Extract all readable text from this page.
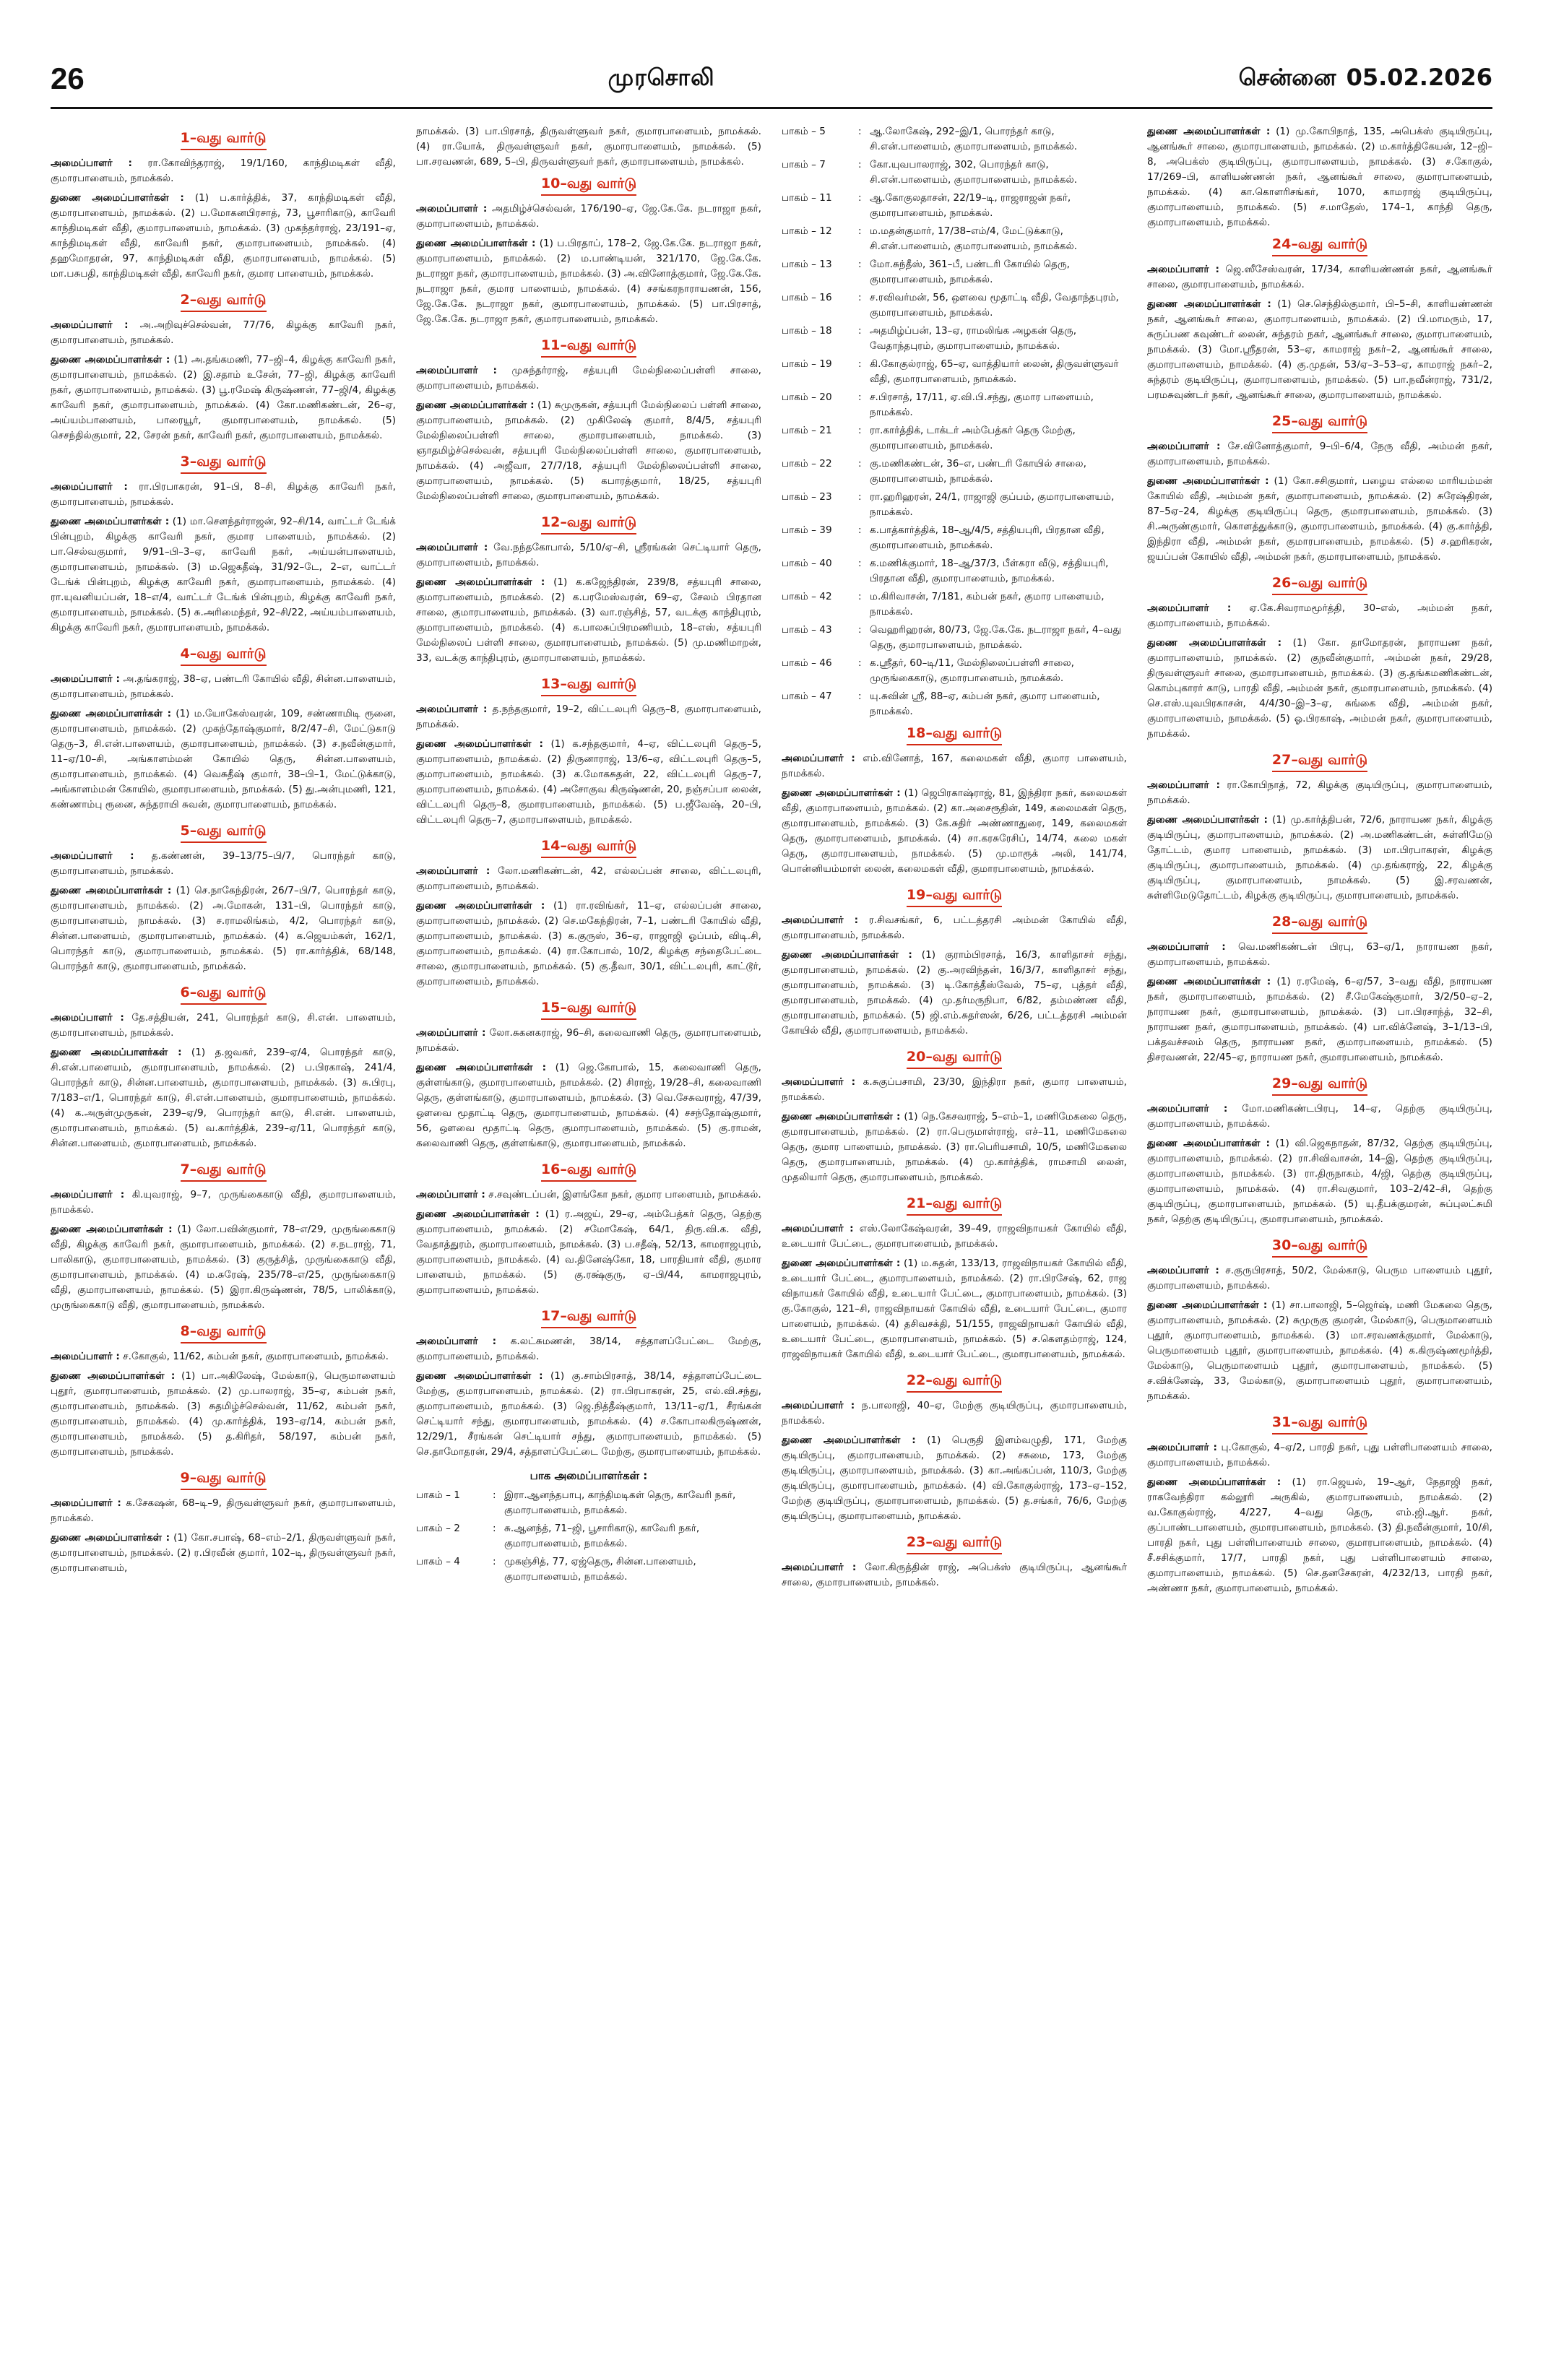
26	முரசொலி	சென்னை 05.02.2026
1–வது வார்டு

அமைப்பாளர் : ரா.கோவிந்தராஜ், 19/1/160, காந்திமடிகள் வீதி, குமாரபாளையம், நாமக்கல்.

துணை அமைப்பாளர்கள் : (1) ப.கார்த்திக், 37, காந்திமடிகள் வீதி, குமாரபாளையம், நாமக்கல். (2) ப.மோகனபிரசாத், 73, பூசாரிகாடு, காவேரி காந்திமடிகள் வீதி, குமாரபாளையம், நாமக்கல். (3) முகந்தர்ராஜ், 23/191–ஏ, காந்திமடிகள் வீதி, காவேரி நகர், குமாரபாளையம், நாமக்கல். (4) தஹமோதரன், 97, காந்திமடிகள் வீதி, குமாரபாளையம், நாமக்கல். (5) மா.பசுபதி, காந்திமடிகள் வீதி, காவேரி நகர், குமார பாளையம், நாமக்கல்.

2–வது வார்டு

அமைப்பாளர் : அ.அறிவுச்செல்வன், 77/76, கிழக்கு காவேரி நகர், குமாரபாளையம், நாமக்கல்.

துணை அமைப்பாளர்கள் : (1) அ.தங்கமணி, 77–ஜி–4, கிழக்கு காவேரி நகர், குமாரபாளையம், நாமக்கல். (2) இ.சதாம் உசேன், 77–ஜி, கிழக்கு காவேரி நகர், குமாரபாளையம், நாமக்கல். (3) பூ.ரமேஷ் கிருஷ்ணன், 77–ஜி/4, கிழக்கு காவேரி நகர், குமாரபாளையம், நாமக்கல். (4) கோ.மணிகண்டன், 26–ஏ, அய்யம்பாளையம், பாரையூர், குமாரபாளையம், நாமக்கல். (5) செசந்தில்குமார், 22, சேரன் நகர், காவேரி நகர், குமாரபாளையம், நாமக்கல்.

3–வது வார்டு

அமைப்பாளர் : ரா.பிரபாகரன், 91–பி, 8–சி, கிழக்கு காவேரி நகர், குமாரபாளையம், நாமக்கல்.

துணை அமைப்பாளர்கள் : (1) மா.செளந்தர்ராஜன், 92–சி/14, வாட்டர் டேங்க் பின்புறம், கிழக்கு காவேரி நகர், குமார பாளையம், நாமக்கல். (2) பா.செல்வகுமார், 9/91–பி–3–ஏ, காவேரி நகர், அய்யன்பாளையம், குமாரபாளையம், நாமக்கல். (3) ம.ஜெகதீஷ், 31/92–டே, 2–எ, வாட்டர் டேங்க் பின்புறம், கிழக்கு காவேரி நகர், குமாரபாளையம், நாமக்கல். (4) ரா.யுவனியப்பன், 18–எ/4, வாட்டர் டேங்க் பின்புறம், கிழக்கு காவேரி நகர், குமாரபாளையம், நாமக்கல். (5) சு.அரிமைந்தர், 92–சி/22, அய்யம்பாளையம், கிழக்கு காவேரி நகர், குமாரபாளையம், நாமக்கல்.

4–வது வார்டு

அமைப்பாளர் : அ.தங்கராஜ், 38–ஏ, பண்டரி கோயில் வீதி, சின்ன.பாளையம், குமாரபாளையம், நாமக்கல்.

துணை அமைப்பாளர்கள் : (1) ம.யோகேஸ்வரன், 109, சண்ணாமிடி ரூனை, குமாரபாளையம், நாமக்கல். (2) முகந்தோஷ்குமார், 8/2/47–சி, மேட்டுகாடு தெரு–3, சி.என்.பாளையம், குமாரபாளையம், நாமக்கல். (3) ச.நவீன்குமார், 11–ஏ/10–சி, அங்காளம்மன் கோயில் தெரு, சின்ன.பாளையம், குமாரபாளையம், நாமக்கல். (4) வெசுதீஷ் குமார், 38–பி–1, மேட்டுக்காடு, அங்காளம்மன் கோயில், குமாரபாளையம், நாமக்கல். (5) து.அன்புமணி, 121, கண்ணாம்பு ரூனை, சுந்தராயி சுவன், குமாரபாளையம், நாமக்கல்.

5–வது வார்டு

அமைப்பாளர் : த.கண்ணன், 39–13/75–பி/7, பொரந்தர் காடு, குமாரபாளையம், நாமக்கல்.

துணை அமைப்பாளர்கள் : (1) செ.நாகேந்திரன், 26/7–பி/7, பொரந்தர் காடு, குமாரபாளையம், நாமக்கல். (2) அ.மோகன், 131–பி, பொரந்தர் காடு, குமாரபாளையம், நாமக்கல். (3) ச.ராமலிங்கம், 4/2, பொரந்தர் காடு, சின்ன.பாளையம், குமாரபாளையம், நாமக்கல். (4) க.ஜெயம்கள், 162/1, பொரந்தர் காடு, குமாரபாளையம், நாமக்கல். (5) ரா.கார்த்திக், 68/148, பொரந்தர் காடு, குமாரபாளையம், நாமக்கல்.

6–வது வார்டு

அமைப்பாளர் : தே.சத்தியன், 241, பொரந்தர் காடு, சி.என். பாளையம், குமாரபாளையம், நாமக்கல்.

துணை அமைப்பாளர்கள் : (1) த.ஜவகர், 239–ஏ/4, பொரந்தர் காடு, சி.என்.பாளையம், குமாரபாளையம், நாமக்கல். (2) ப.பிரகாஷ், 241/4, பொரந்தர் காடு, சின்ன.பாளையம், குமாரபாளையம், நாமக்கல். (3) சு.பிரபு, 7/183–எ/1, பொரந்தர் காடு, சி.என்.பாளையம், குமாரபாளையம், நாமக்கல். (4) க.அருள்முருகன், 239–ஏ/9, பொரந்தர் காடு, சி.என். பாளையம், குமாரபாளையம், நாமக்கல். (5) வ.கார்த்திக், 239–ஏ/11, பொரந்தர் காடு, சின்ன.பாளையம், குமாரபாளையம், நாமக்கல்.

7–வது வார்டு

அமைப்பாளர் : கி.யுவராஜ், 9–7, முருங்கைகாடு வீதி, குமாரபாளையம், நாமக்கல்.

துணை அமைப்பாளர்கள் : (1) லோ.பவின்குமார், 78–எ/29, முருங்கைகாடு வீதி, கிழக்கு காவேரி நகர், குமாரபாளையம், நாமக்கல். (2) ச.நடராஜ், 71, பாலிகாடு, குமாரபாளையம், நாமக்கல். (3) குருத்சித், முருங்கைகாடு வீதி, குமாரபாளையம், நாமக்கல். (4) ம.சுரேஷ், 235/78–எ/25, முருங்கைகாடு வீதி, குமாரபாளையம், நாமக்கல். (5) இரா.கிருஷ்ணன், 78/5, பாலிக்காடு, முருங்கைகாடு வீதி, குமாரபாளையம், நாமக்கல்.

8–வது வார்டு

அமைப்பாளர் : ச.கோகுல், 11/62, கம்பன் நகர், குமாரபாளையம், நாமக்கல்.

துணை அமைப்பாளர்கள் : (1) பா.அகிலேஷ், மேல்காடு, பெருமாளையம் புதூர், குமாரபாளையம், நாமக்கல். (2) மு.பாலராஜ், 35–ஏ, கம்பன் நகர், குமாரபாளையம், நாமக்கல். (3) சுதமிழ்ச்செல்வன், 11/62, கம்பன் நகர், குமாரபாளையம், நாமக்கல். (4) மு.கார்த்திக், 193–ஏ/14, கம்பன் நகர், குமாரபாளையம், நாமக்கல். (5) த.கிரிதர், 58/197, கம்பன் நகர், குமாரபாளையம், நாமக்கல்.

9–வது வார்டு

அமைப்பாளர் : க.சேகஷன், 68–டி–9, திருவள்ளுவர் நகர், குமாரபாளையம், நாமக்கல்.

துணை அமைப்பாளர்கள் : (1) கோ.சபாஷ், 68–எம்–2/1, திருவள்ளுவர் நகர், குமாரபாளையம், நாமக்கல். (2) ர.பிரவீன் குமார், 102–டி, திருவள்ளுவர் நகர், குமாரபாளையம்,

நாமக்கல். (3) பா.பிரசாத், திருவள்ளுவர் நகர், குமாரபாளையம், நாமக்கல். (4) ரா.யோக், திருவள்ளுவர் நகர், குமாரபாளையம், நாமக்கல். (5) பா.சரவணன், 689, 5–பி, திருவள்ளுவர் நகர், குமாரபாளையம், நாமக்கல்.

10–வது வார்டு

அமைப்பாளர் : அதமிழ்ச்செல்வன், 176/190–ஏ, ஜே.கே.கே. நடராஜா நகர், குமாரபாளையம், நாமக்கல்.

துணை அமைப்பாளர்கள் : (1) ப.பிரதாப், 178–2, ஜே.கே.கே. நடராஜா நகர், குமாரபாளையம், நாமக்கல். (2) ம.பாண்டியன், 321/170, ஜே.கே.கே. நடராஜா நகர், குமாரபாளையம், நாமக்கல். (3) அ.வினோத்குமார், ஜே.கே.கே. நடராஜா நகர், குமார பாளையம், நாமக்கல். (4) சசங்கரநாராயணன், 156, ஜே.கே.கே. நடராஜா நகர், குமாரபாளையம், நாமக்கல். (5) பா.பிரசாத், ஜே.கே.கே. நடராஜா நகர், குமாரபாளையம், நாமக்கல்.

11–வது வார்டு

அமைப்பாளர் : முசுந்தர்ராஜ், சத்யபுரி மேல்நிலைப்பள்ளி சாலை, குமாரபாளையம், நாமக்கல்.

துணை அமைப்பாளர்கள் : (1) சுமுருகன், சத்யபுரி மேல்நிலைப் பள்ளி சாலை, குமாரபாளையம், நாமக்கல். (2) முகிலேஷ் குமார், 8/4/5, சத்யபுரி மேல்நிலைப்பள்ளி சாலை, குமாரபாளையம், நாமக்கல். (3) ஞாதமிழ்ச்செல்வன், சத்யபுரி மேல்நிலைப்பள்ளி சாலை, குமாரபாளையம், நாமக்கல். (4) அஜீவா, 27/7/18, சத்யபுரி மேல்நிலைப்பள்ளி சாலை, குமாரபாளையம், நாமக்கல். (5) கபாரத்குமார், 18/25, சத்யபுரி மேல்நிலைப்பள்ளி சாலை, குமாரபாளையம், நாமக்கல்.

12–வது வார்டு

அமைப்பாளர் : வே.நந்தகோபால், 5/10/ஏ–சி, ஸ்ரீரங்கன் செட்டியார் தெரு, குமாரபாளையம், நாமக்கல்.

துணை அமைப்பாளர்கள் : (1) க.கஜேந்திரன், 239/8, சத்யபுரி சாலை, குமாரபாளையம், நாமக்கல். (2) க.பரமேஸ்வரன், 69–ஏ, சேலம் பிரதான சாலை, குமாரபாளையம், நாமக்கல். (3) வா.ரஞ்சித், 57, வடக்கு காந்திபுரம், குமாரபாளையம், நாமக்கல். (4) க.பாலசுப்பிரமணியம், 18–எஸ், சத்யபுரி மேல்நிலைப் பள்ளி சாலை, குமாரபாளையம், நாமக்கல். (5) மு.மணிமாறன், 33, வடக்கு காந்திபுரம், குமாரபாளையம், நாமக்கல்.

13–வது வார்டு

அமைப்பாளர் : த.நந்தகுமார், 19–2, விட்டலபுரி தெரு–8, குமாரபாளையம், நாமக்கல்.

துணை அமைப்பாளர்கள் : (1) க.சந்தகுமார், 4–ஏ, விட்டலபுரி தெரு–5, குமாரபாளையம், நாமக்கல். (2) திருனாராஜ், 13/6–ஏ, விட்டலபுரி தெரு–5, குமாரபாளையம், நாமக்கல். (3) க.மோகசுதன், 22, விட்டலபுரி தெரு–7, குமாரபாளையம், நாமக்கல். (4) அசோகுவ கிருஷ்ணன், 20, நஞ்சப்பா லைன், விட்டலபுரி தெரு–8, குமாரபாளையம், நாமக்கல். (5) ப.ஜீவேஷ், 20–பி, விட்டலபுரி தெரு–7, குமாரபாளையம், நாமக்கல்.

14–வது வார்டு

அமைப்பாளர் : லோ.மணிகண்டன், 42, எல்லப்பன் சாலை, விட்டலபுரி, குமாரபாளையம், நாமக்கல்.

துணை அமைப்பாளர்கள் : (1) ரா.ரவிங்கர், 11–ஏ, எல்லப்பன் சாலை, குமாரபாளையம், நாமக்கல். (2) செ.மகேந்திரன், 7–1, பண்டரி கோயில் வீதி, குமாரபாளையம், நாமக்கல். (3) க.குருஸ், 36–ஏ, ராஜாஜி ஓப்பம், விடி.சி, குமாரபாளையம், நாமக்கல். (4) ரா.கோபால், 10/2, கிழக்கு சந்தைபேட்டை சாலை, குமாரபாளையம், நாமக்கல். (5) கு.தீவா, 30/1, விட்டலபுரி, காட்டூர், குமாரபாளையம், நாமக்கல்.

15–வது வார்டு

அமைப்பாளர் : லோ.சுகனகராஜ், 96–சி, கலைவாணி தெரு, குமாரபாளையம், நாமக்கல்.

துணை அமைப்பாளர்கள் : (1) ஜெ.கோபால், 15, கலைவாணி தெரு, குள்ளங்காடு, குமாரபாளையம், நாமக்கல். (2) சிராஜ், 19/28–சி, கலைவாணி தெரு, குள்ளங்காடு, குமாரபாளையம், நாமக்கல். (3) வெ.சேசுவராஜ், 47/39, ஔவை மூதாட்டி தெரு, குமாரபாளையம், நாமக்கல். (4) சசந்தோஷ்குமார், 56, ஔவை மூதாட்டி தெரு, குமாரபாளையம், நாமக்கல். (5) கு.ராமன், கலைவாணி தெரு, குள்ளங்காடு, குமாரபாளையம், நாமக்கல்.

16–வது வார்டு

அமைப்பாளர் : ச.சவுண்டப்பன், இளங்கோ நகர், குமார பாளையம், நாமக்கல்.

துணை அமைப்பாளர்கள் : (1) ர.அஜய், 29–ஏ, அம்பேத்கர் தெரு, தெற்கு குமாரபாளையம், நாமக்கல். (2) சமோகேஷ், 64/1, திரு.வி.க. வீதி, வேதாத்துரம், குமாரபாளையம், நாமக்கல். (3) ப.சதீஷ், 52/13, காமராஜபுரம், குமாரபாளையம், நாமக்கல். (4) வ.தினேஷ்கோ, 18, பாரதியார் வீதி, குமார பாளையம், நாமக்கல். (5) கு.ரக்ஷ்குரு, ஏ–பி/44, காமராஜபுரம், குமாரபாளையம், நாமக்கல்.

17–வது வார்டு

அமைப்பாளர் : க.லட்சுமணன், 38/14, சத்தாளப்பேட்டை மேற்கு, குமாரபாளையம், நாமக்கல்.

துணை அமைப்பாளர்கள் : (1) கு.சாம்பிரசாத், 38/14, சத்தாளப்பேட்டை மேற்கு, குமாரபாளையம், நாமக்கல். (2) ரா.பிரபாகரன், 25, எல்.வி.சந்து, குமாரபாளையம், நாமக்கல். (3) ஜெ.நித்தீஷ்குமார், 13/11–ஏ/1, சீரங்கன் செட்டியார் சந்து, குமாரபாளையம், நாமக்கல். (4) ச.கோபாலகிருஷ்ணன், 12/29/1, சீரங்கன் செட்டியார் சந்து, குமாரபாளையம், நாமக்கல். (5) செ.தாமோதரன், 29/4, சத்தாளப்பேட்டை மேற்கு, குமாரபாளையம், நாமக்கல்.

பாக அமைப்பாளர்கள் :
பாகம் – 1	: இரா.ஆனந்தபாபு, காந்திமடிகள் தெரு, காவேரி நகர், குமாரபாளையம், நாமக்கல்.
பாகம் – 2	: சு.ஆனந்த், 71–ஜி, பூசாரிகாடு, காவேரி நகர், குமாரபாளையம், நாமக்கல்.
பாகம் – 4	: முகஞ்சித், 77, ஏஜ்தெரு, சின்ன.பாளையம், குமாரபாளையம், நாமக்கல்.
பாகம் – 5	: ஆ.லோகேஷ், 292–இ/1, பொரந்தர் காடு, சி.என்.பாளையம், குமாரபாளையம், நாமக்கல்.
பாகம் – 7	: கோ.யுவபாலராஜ், 302, பொரந்தர் காடு, சி.என்.பாளையம், குமாரபாளையம், நாமக்கல்.
பாகம் – 11	: ஆ.கோகுலதாசன், 22/19–டி, ராஜராஜன் நகர், குமாரபாளையம், நாமக்கல்.
பாகம் – 12	: ம.மதன்குமார், 17/38–எம்/4, மேட்டுக்காடு, சி.என்.பாளையம், குமாரபாளையம், நாமக்கல்.
பாகம் – 13	: மோ.சுந்தீஸ், 361–பீ, பண்டரி கோயில் தெரு, குமாரபாளையம், நாமக்கல்.
பாகம் – 16	: ச.ரவிவர்மன், 56, ஔவை மூதாட்டி வீதி, வேதாந்தபுரம், குமாரபாளையம், நாமக்கல்.
பாகம் – 18	: அதமிழ்ப்பன், 13–ஏ, ராமலிங்க அழகன் தெரு, வேதாந்தபுரம், குமாரபாளையம், நாமக்கல்.
பாகம் – 19	: கி.கோகுல்ராஜ், 65–ஏ, வாத்தியார் லைன், திருவள்ளுவர் வீதி, குமாரபாளையம், நாமக்கல்.
பாகம் – 20	: ச.பிரசாத், 17/11, ஏ.வி.பி.சந்து, குமார பாளையம், நாமக்கல்.
பாகம் – 21	: ரா.கார்த்திக், டாக்டர் அம்பேத்கர் தெரு மேற்கு, குமாரபாளையம், நாமக்கல்.
பாகம் – 22	: கு.மணிகண்டன், 36–எ, பண்டரி கோயில் சாலை, குமாரபாளையம், நாமக்கல்.
பாகம் – 23	: ரா.ஹரிஹரன், 24/1, ராஜாஜி குப்பம், குமாரபாளையம், நாமக்கல்.
பாகம் – 39	: க.பாத்கார்த்திக், 18–ஆ/4/5, சத்தியபுரி, பிரதான வீதி, குமாரபாளையம், நாமக்கல்.
பாகம் – 40	: க.மணிக்குமார், 18–ஆ/37/3, பீள்கரா வீடு, சத்தியபுரி, பிரதான வீதி, குமாரபாளையம், நாமக்கல்.
பாகம் – 42	: ம.கிரிவாசன், 7/181, கம்பன் நகர், குமார பாளையம், நாமக்கல்.
பாகம் – 43	: வெஹரிஹரன், 80/73, ஜே.கே.கே. நடராஜா நகர், 4–வது தெரு, குமாரபாளையம், நாமக்கல்.
பாகம் – 46	: க.ஸ்ரீதர், 60–டி/11, மேல்நிலைப்பள்ளி சாலை, முருங்கைகாடு, குமாரபாளையம், நாமக்கல்.
பாகம் – 47	: யு.சுவின் ஸ்ரீ, 88–ஏ, கம்பன் நகர், குமார பாளையம், நாமக்கல்.
18–வது வார்டு

அமைப்பாளர் : எம்.வினோத், 167, கலைமகள் வீதி, குமார பாளையம், நாமக்கல்.

துணை அமைப்பாளர்கள் : (1) ஜெபிரகாஷ்ராஜ், 81, இந்திரா நகர், கலைமகள் வீதி, குமாரபாளையம், நாமக்கல். (2) கா.அசைரூதின், 149, கலைமகள் தெரு, குமாரபாளையம், நாமக்கல். (3) கே.சுதிர் அண்ணாதுரை, 149, கலைமகள் தெரு, குமாரபாளையம், நாமக்கல். (4) சா.கரசுரேசிப், 14/74, கலை மகள் தெரு, குமாரபாளையம், நாமக்கல். (5) மு.மாரூக் அலி, 141/74, பொன்னியம்மாள் லைன், கலைமகள் வீதி, குமாரபாளையம், நாமக்கல்.

19–வது வார்டு

அமைப்பாளர் : ர.சிவசங்கர், 6, பட்டத்தரசி அம்மன் கோயில் வீதி, குமாரபாளையம், நாமக்கல்.

துணை அமைப்பாளர்கள் : (1) குராம்பிரசாத், 16/3, காளிதாசர் சந்து, குமாரபாளையம், நாமக்கல். (2) கு.அரவிந்தன், 16/3/7, காளிதாசர் சந்து, குமாரபாளையம், நாமக்கல். (3) டி.கோத்தீஸ்வேல், 75–ஏ, புத்தர் வீதி, குமாரபாளையம், நாமக்கல். (4) மு.தர்மருநிபா, 6/82, தம்மண்ண வீதி, குமாரபாளையம், நாமக்கல். (5) ஜி.எம்.சுதர்ஸன், 6/26, பட்டத்தரசி அம்மன் கோயில் வீதி, குமாரபாளையம், நாமக்கல்.

20–வது வார்டு

அமைப்பாளர் : க.சுகுப்பசாமி, 23/30, இந்திரா நகர், குமார பாளையம், நாமக்கல்.

துணை அமைப்பாளர்கள் : (1) நெ.கேசவராஜ், 5–எம்–1, மணிமேகலை தெரு, குமாரபாளையம், நாமக்கல். (2) ரா.பெருமாள்ராஜ், எச்–11, மணிமேகலை தெரு, குமார பாளையம், நாமக்கல். (3) ரா.பெரியசாமி, 10/5, மணிமேகலை தெரு, குமாரபாளையம், நாமக்கல். (4) மு.கார்த்திக், ராமசாமி லைன், முதலியார் தெரு, குமாரபாளையம், நாமக்கல்.

21–வது வார்டு

அமைப்பாளர் : எஸ்.லோகேஷ்வரன், 39–49, ராஜவிநாயகர் கோயில் வீதி, உடையார் பேட்டை, குமாரபாளையம், நாமக்கல்.

துணை அமைப்பாளர்கள் : (1) ம.சுதன், 133/13, ராஜவிநாயகர் கோயில் வீதி, உடையார் பேட்டை, குமாரபாளையம், நாமக்கல். (2) ரா.பிரசேஷ், 62, ராஜ விநாயகர் கோயில் வீதி, உடையார் பேட்டை, குமாரபாளையம், நாமக்கல். (3) கு.கோகுல், 121–சி, ராஜவிநாயகர் கோயில் வீதி, உடையார் பேட்டை, குமார பாளையம், நாமக்கல். (4) தசிவசக்தி, 51/155, ராஜவிநாயகர் கோயில் வீதி, உடையார் பேட்டை, குமாரபாளையம், நாமக்கல். (5) ச.கௌதம்ராஜ், 124, ராஜவிநாயகர் கோயில் வீதி, உடையார் பேட்டை, குமாரபாளையம், நாமக்கல்.

22–வது வார்டு

அமைப்பாளர் : ந.பாலாஜி, 40–ஏ, மேற்கு குடியிருப்பு, குமாரபாளையம், நாமக்கல்.

துணை அமைப்பாளர்கள் : (1) பெருதி இளம்வழுதி, 171, மேற்கு குடியிருப்பு, குமாரபாளையம், நாமக்கல். (2) சசுமை, 173, மேற்கு குடியிருப்பு, குமாரபாளையம், நாமக்கல். (3) கா.அங்கப்பன், 110/3, மேற்கு குடியிருப்பு, குமாரபாளையம், நாமக்கல். (4) வி.கோகுல்ராஜ், 173–ஏ–152, மேற்கு குடியிருப்பு, குமாரபாளையம், நாமக்கல். (5) த.சங்கர், 76/6, மேற்கு குடியிருப்பு, குமாரபாளையம், நாமக்கல்.

23–வது வார்டு

அமைப்பாளர் : லோ.கிருத்தின் ராஜ், அபெக்ஸ் குடியிருப்பு, ஆனங்கூர் சாலை, குமாரபாளையம், நாமக்கல்.

துணை அமைப்பாளர்கள் : (1) மு.கோபிநாத், 135, அபெக்ஸ் குடியிருப்பு, ஆனங்கூர் சாலை, குமாரபாளையம், நாமக்கல். (2) ம.கார்த்திகேயன், 12–ஜி–8, அபெக்ஸ் குடியிருப்பு, குமாரபாளையம், நாமக்கல். (3) ச.கோகுல், 17/269–பி, காளியண்ணன் நகர், ஆனங்கூர் சாலை, குமாரபாளையம், நாமக்கல். (4) கா.கொளரிசங்கர், 1070, காமராஜ் குடியிருப்பு, குமாரபாளையம், நாமக்கல். (5) ச.மாதேஸ், 174–1, காந்தி தெரு, குமாரபாளையம், நாமக்கல்.

24–வது வார்டு

அமைப்பாளர் : ஜெ.ஸீசேஸ்வரன், 17/34, காளியண்ணன் நகர், ஆனங்கூர் சாலை, குமாரபாளையம், நாமக்கல்.

துணை அமைப்பாளர்கள் : (1) செ.செந்தில்குமார், பி–5–சி, காளியண்ணன் நகர், ஆனங்கூர் சாலை, குமாரபாளையம், நாமக்கல். (2) பி.மாமரும், 17, சுருப்பண கவுண்டர் லைன், சுந்தரம் நகர், ஆனங்கூர் சாலை, குமாரபாளையம், நாமக்கல். (3) மோ.ஸ்ரீதரன், 53–ஏ, காமராஜ் நகர்–2, ஆனங்கூர் சாலை, குமாரபாளையம், நாமக்கல். (4) கு.முதன், 53/ஏ–3–53–ஏ, காமராஜ் நகர்–2, சுந்தரம் குடியிருப்பு, குமாரபாளையம், நாமக்கல். (5) பா.நவீன்ராஜ், 731/2, பரமசுவுண்டர் நகர், ஆனங்கூர் சாலை, குமாரபாளையம், நாமக்கல்.

25–வது வார்டு

அமைப்பாளர் : சே.வினோத்குமார், 9–பி–6/4, நேரு வீதி, அம்மன் நகர், குமாரபாளையம், நாமக்கல்.

துணை அமைப்பாளர்கள் : (1) கோ.சசிகுமார், பழைய எல்லை மாரியம்மன் கோயில் வீதி, அம்மன் நகர், குமாரபாளையம், நாமக்கல். (2) சுரேஷ்திரன், 87–5ஏ–24, கிழக்கு குடியிருப்பு தெரு, குமாரபாளையம், நாமக்கல். (3) சி.அருண்குமார், கொளத்துக்காடு, குமாரபாளையம், நாமக்கல். (4) கு.கார்த்தி, இந்திரா வீதி, அம்மன் நகர், குமாரபாளையம், நாமக்கல். (5) ச.ஹரிகரன், ஜயப்பன் கோயில் வீதி, அம்மன் நகர், குமாரபாளையம், நாமக்கல்.

26–வது வார்டு

அமைப்பாளர் : ஏ.கே.சிவராமமூர்த்தி, 30–எல், அம்மன் நகர், குமாரபாளையம், நாமக்கல்.

துணை அமைப்பாளர்கள் : (1) கோ. தாமோதரன், நாராயண நகர், குமாரபாளையம், நாமக்கல். (2) குநவீன்குமார், அம்மன் நகர், 29/28, திருவள்ளுவர் சாலை, குமாரபாளையம், நாமக்கல். (3) கு.தங்கமணிகண்டன், கொம்புகாரர் காடு, பாரதி வீதி, அம்மன் நகர், குமாரபாளையம், நாமக்கல். (4) செ.எஸ்.யுவபிரகாசன், 4/4/30–இ–3–ஏ, சுங்கை வீதி, அம்மன் நகர், குமாரபாளையம், நாமக்கல். (5) ஓ.பிரகாஷ், அம்மன் நகர், குமாரபாளையம், நாமக்கல்.

27–வது வார்டு

அமைப்பாளர் : ரா.கோபிநாத், 72, கிழக்கு குடியிருப்பு, குமாரபாளையம், நாமக்கல்.

துணை அமைப்பாளர்கள் : (1) மு.கார்த்திபன், 72/6, நாராயண நகர், கிழக்கு குடியிருப்பு, குமாரபாளையம், நாமக்கல். (2) அ.மணிகண்டன், சுள்ளிமேடு தோட்டம், குமார பாளையம், நாமக்கல். (3) மா.பிரபாகரன், கிழக்கு குடியிருப்பு, குமாரபாளையம், நாமக்கல். (4) மு.தங்கராஜ், 22, கிழக்கு குடியிருப்பு, குமாரபாளையம், நாமக்கல். (5) இ.சரவணன், சுள்ளிமேடுதோட்டம், கிழக்கு குடியிருப்பு, குமாரபாளையம், நாமக்கல்.

28–வது வார்டு

அமைப்பாளர் : வெ.மணிகண்டன் பிரபு, 63–ஏ/1, நாராயண நகர், குமாரபாளையம், நாமக்கல்.

துணை அமைப்பாளர்கள் : (1) ர.ரமேஷ், 6–ஏ/57, 3–வது வீதி, நாராயண நகர், குமாரபாளையம், நாமக்கல். (2) சீ.மேகேஷ்குமார், 3/2/50–ஏ–2, நாராயண நகர், குமாரபாளையம், நாமக்கல். (3) பா.பிரசாந்த், 32–சி, நாராயண நகர், குமாரபாளையம், நாமக்கல். (4) பா.விக்னேஷ், 3–1/13–பி, பக்தவச்சலம் தெரு, நாராயண நகர், குமாரபாளையம், நாமக்கல். (5) திசரவணன், 22/45–ஏ, நாராயண நகர், குமாரபாளையம், நாமக்கல்.

29–வது வார்டு

அமைப்பாளர் : மோ.மணிகண்டபிரபு, 14–ஏ, தெற்கு குடியிருப்பு, குமாரபாளையம், நாமக்கல்.

துணை அமைப்பாளர்கள் : (1) வி.ஜெகநாதன், 87/32, தெற்கு குடியிருப்பு, குமாரபாளையம், நாமக்கல். (2) ரா.சிவிவாசன், 14–இ, தெற்கு குடியிருப்பு, குமாரபாளையம், நாமக்கல். (3) ரா.திருநாகம், 4/ஜி, தெற்கு குடியிருப்பு, குமாரபாளையம், நாமக்கல். (4) ரா.சிவகுமார், 103–2/42–சி, தெற்கு குடியிருப்பு, குமாரபாளையம், நாமக்கல். (5) யு.தீபக்குமரன், சுப்புலட்சுமி நகர், தெற்கு குடியிருப்பு, குமாரபாளையம், நாமக்கல்.

30–வது வார்டு

அமைப்பாளர் : ச.குருபிரசாத், 50/2, மேல்காடு, பெரும பாளையம் புதூர், குமாரபாளையம், நாமக்கல்.

துணை அமைப்பாளர்கள் : (1) சா.பாலாஜி, 5–ஜெர்ஷ், மணி மேகலை தெரு, குமாரபாளையம், நாமக்கல். (2) சுமுருகு குமரன், மேல்காடு, பெருமாளையம் புதூர், குமாரபாளையம், நாமக்கல். (3) மா.சரவணக்குமார், மேல்காடு, பெருமாளையம் புதூர், குமாரபாளையம், நாமக்கல். (4) க.கிருஷ்ணமூர்த்தி, மேல்காடு, பெருமாளையம் புதூர், குமாரபாளையம், நாமக்கல். (5) ச.விக்னேஷ், 33, மேல்காடு, குமாரபாளையம் புதூர், குமாரபாளையம், நாமக்கல்.

31–வது வார்டு

அமைப்பாளர் : பு.கோகுல், 4–ஏ/2, பாரதி நகர், புது பள்ளிபாளையம் சாலை, குமாரபாளையம், நாமக்கல்.

துணை அமைப்பாளர்கள் : (1) ரா.ஜெயல், 19–ஆர், நேதாஜி நகர், ராகவேந்திரா கல்லூரி அருகில், குமாரபாளையம், நாமக்கல். (2) வ.கோகுல்ராஜ், 4/227, 4–வது தெரு, எம்.ஜி.ஆர். நகர், குப்பாண்டபாளையம், குமாரபாளையம், நாமக்கல். (3) தி.நவீன்குமார், 10/சி, பாரதி நகர், புது பள்ளிபாளையம் சாலை, குமாரபாளையம், நாமக்கல். (4) சீ.சசிக்குமார், 17/7, பாரதி நகர், புது பள்ளிபாளையம் சாலை, குமாரபாளையம், நாமக்கல். (5) செ.தனசேகரன், 4/232/13, பாரதி நகர், அண்ணா நகர், குமாரபாளையம், நாமக்கல்.
